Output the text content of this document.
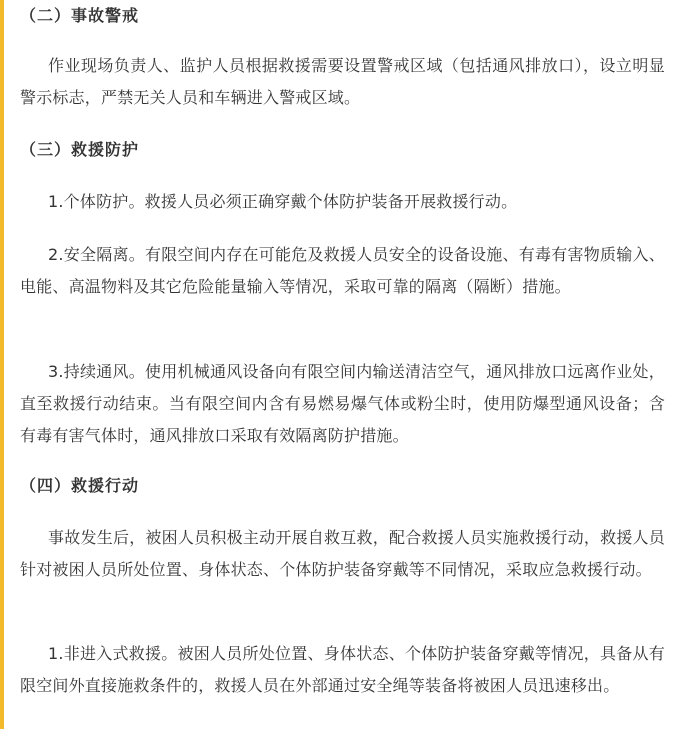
（二）事故警戒

作业现场负责人、监护人员根据救援需要设置警戒区域（包括通风排放口），设立明显警示标志，严禁无关人员和车辆进入警戒区域。

（三）救援防护

1.个体防护。救援人员必须正确穿戴个体防护装备开展救援行动。

2.安全隔离。有限空间内存在可能危及救援人员安全的设备设施、有毒有害物质输入、电能、高温物料及其它危险能量输入等情况，采取可靠的隔离（隔断）措施。

3.持续通风。使用机械通风设备向有限空间内输送清洁空气，通风排放口远离作业处，直至救援行动结束。当有限空间内含有易燃易爆气体或粉尘时，使用防爆型通风设备；含有毒有害气体时，通风排放口采取有效隔离防护措施。

（四）救援行动

事故发生后，被困人员积极主动开展自救互救，配合救援人员实施救援行动，救援人员针对被困人员所处位置、身体状态、个体防护装备穿戴等不同情况，采取应急救援行动。

1.非进入式救援。被困人员所处位置、身体状态、个体防护装备穿戴等情况，具备从有限空间外直接施救条件的，救援人员在外部通过安全绳等装备将被困人员迅速移出。
